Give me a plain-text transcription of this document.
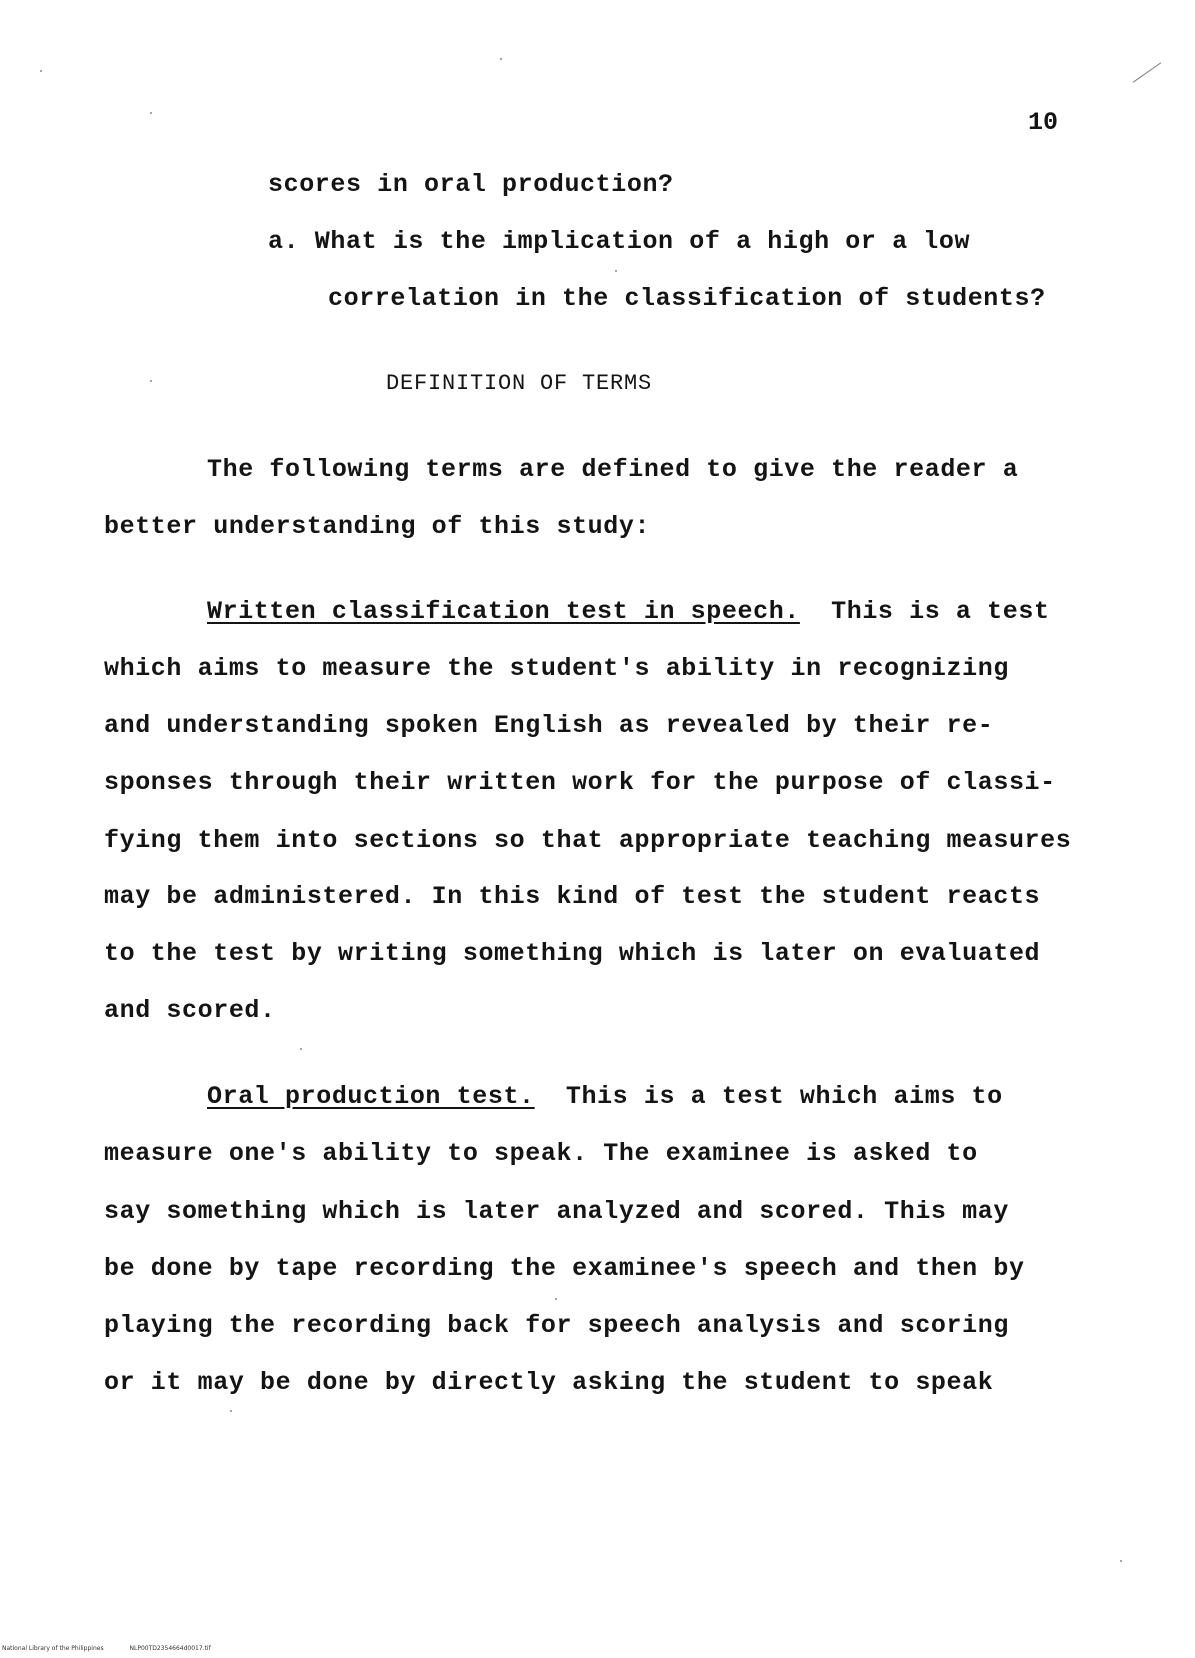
10
scores in oral production?
a. What is the implication of a high or a low
correlation in the classification of students?
DEFINITION OF TERMS
The following terms are defined to give the reader a
better understanding of this study:
Written classification test in speech.  This is a test
which aims to measure the student's ability in recognizing
and understanding spoken English as revealed by their re-
sponses through their written work for the purpose of classi-
fying them into sections so that appropriate teaching measures
may be administered. In this kind of test the student reacts
to the test by writing something which is later on evaluated
and scored.
Oral production test.  This is a test which aims to
measure one's ability to speak. The examinee is asked to
say something which is later analyzed and scored. This may
be done by tape recording the examinee's speech and then by
playing the recording back for speech analysis and scoring
or it may be done by directly asking the student to speak
National Library of the Philippines	NLP00TD2354664d0017.tif
